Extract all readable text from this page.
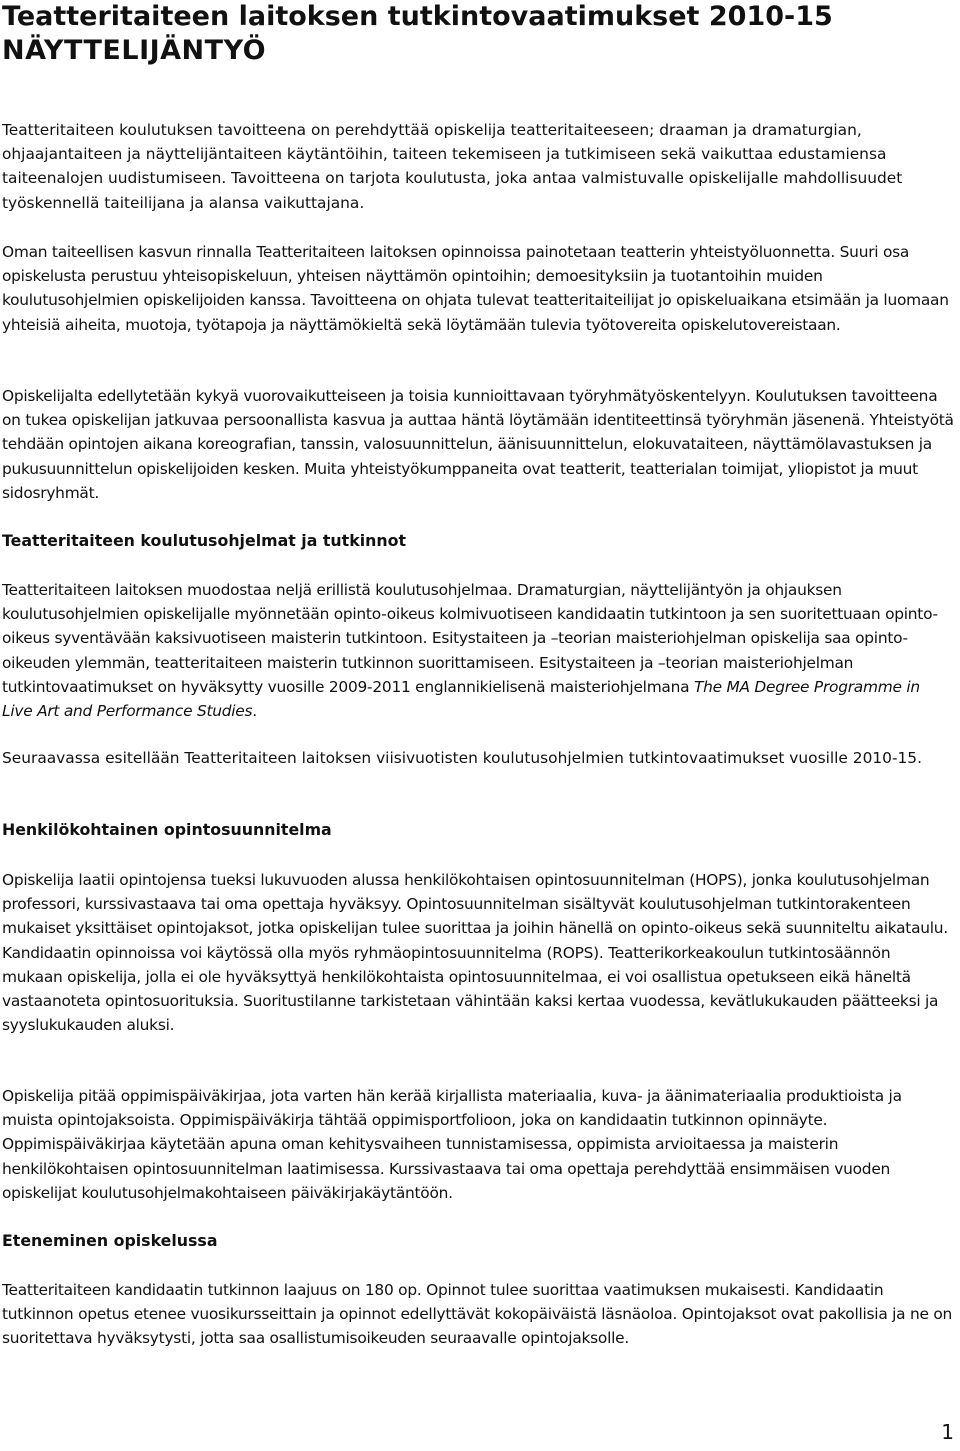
Teatteritaiteen laitoksen tutkintovaatimukset 2010-15
NÄYTTELIJÄNTYÖ

Teatteritaiteen koulutuksen tavoitteena on perehdyttää opiskelija teatteritaiteeseen; draaman ja dramaturgian, ohjaajantaiteen ja näyttelijäntaiteen käytäntöihin, taiteen tekemiseen ja tutkimiseen sekä vaikuttaa edustamiensa taiteenalojen uudistumiseen. Tavoitteena on tarjota koulutusta, joka antaa valmistuvalle opiskelijalle mahdollisuudet työskennellä taiteilijana ja alansa vaikuttajana.

Oman taiteellisen kasvun rinnalla Teatteritaiteen laitoksen opinnoissa painotetaan teatterin yhteistyöluonnetta. Suuri osa opiskelusta perustuu yhteisopiskeluun, yhteisen näyttämön opintoihin; demoesityksiin ja tuotantoihin muiden koulutusohjelmien opiskelijoiden kanssa. Tavoitteena on ohjata tulevat teatteritaiteilijat jo opiskeluaikana etsimään ja luomaan yhteisiä aiheita, muotoja, työtapoja ja näyttämökieltä sekä löytämään tulevia työtovereita opiskelutovereistaan.

Opiskelijalta edellytetään kykyä vuorovaikutteiseen ja toisia kunnioittavaan työryhmätyöskentelyyn. Koulutuksen tavoitteena on tukea opiskelijan jatkuvaa persoonallista kasvua ja auttaa häntä löytämään identiteettinsä työryhmän jäsenenä. Yhteistyötä tehdään opintojen aikana koreografian, tanssin, valosuunnittelun, äänisuunnittelun, elokuvataiteen, näyttämölavastuksen ja pukusuunnittelun opiskelijoiden kesken. Muita yhteistyökumppaneita ovat teatterit, teatterialan toimijat, yliopistot ja muut sidosryhmät.

Teatteritaiteen koulutusohjelmat ja tutkinnot

Teatteritaiteen laitoksen muodostaa neljä erillistä koulutusohjelmaa. Dramaturgian, näyttelijäntyön ja ohjauksen koulutusohjelmien opiskelijalle myönnetään opinto-oikeus kolmivuotiseen kandidaatin tutkintoon ja sen suoritettuaan opinto-oikeus syventävään kaksivuotiseen maisterin tutkintoon. Esitystaiteen ja –teorian maisteriohjelman opiskelija saa opinto-oikeuden ylemmän, teatteritaiteen maisterin tutkinnon suorittamiseen. Esitystaiteen ja –teorian maisteriohjelman tutkintovaatimukset on hyväksytty vuosille 2009-2011 englannikielisenä maisteriohjelmana The MA Degree Programme in Live Art and Performance Studies.

Seuraavassa esitellään Teatteritaiteen laitoksen viisivuotisten koulutusohjelmien tutkintovaatimukset vuosille 2010-15.

Henkilökohtainen opintosuunnitelma

Opiskelija laatii opintojensa tueksi lukuvuoden alussa henkilökohtaisen opintosuunnitelman (HOPS), jonka koulutusohjelman professori, kurssivastaava tai oma opettaja hyväksyy. Opintosuunnitelman sisältyvät koulutusohjelman tutkintorakenteen mukaiset yksittäiset opintojaksot, jotka opiskelijan tulee suorittaa ja joihin hänellä on opinto-oikeus sekä suunniteltu aikataulu. Kandidaatin opinnoissa voi käytössä olla myös ryhmäopintosuunnitelma (ROPS). Teatterikorkeakoulun tutkintosäännön mukaan opiskelija, jolla ei ole hyväksyttyä henkilökohtaista opintosuunnitelmaa, ei voi osallistua opetukseen eikä häneltä vastaanoteta opintosuorituksia. Suoritustilanne tarkistetaan vähintään kaksi kertaa vuodessa, kevätlukukauden päätteeksi ja syyslukukauden aluksi.

Opiskelija pitää oppimispäiväkirjaa, jota varten hän kerää kirjallista materiaalia, kuva- ja äänimateriaalia produktioista ja muista opintojaksoista. Oppimispäiväkirja tähtää oppimisportfolioon, joka on kandidaatin tutkinnon opinnäyte. Oppimispäiväkirjaa käytetään apuna oman kehitysvaiheen tunnistamisessa, oppimista arvioitaessa ja maisterin henkilökohtaisen opintosuunnitelman laatimisessa. Kurssivastaava tai oma opettaja perehdyttää ensimmäisen vuoden opiskelijat koulutusohjelmakohtaiseen päiväkirjakäytäntöön.

Eteneminen opiskelussa

Teatteritaiteen kandidaatin tutkinnon laajuus on 180 op. Opinnot tulee suorittaa vaatimuksen mukaisesti. Kandidaatin tutkinnon opetus etenee vuosikursseittain ja opinnot edellyttävät kokopäiväistä läsnäoloa. Opintojaksot ovat pakollisia ja ne on suoritettava hyväksytysti, jotta saa osallistumisoikeuden seuraavalle opintojaksolle.

1
